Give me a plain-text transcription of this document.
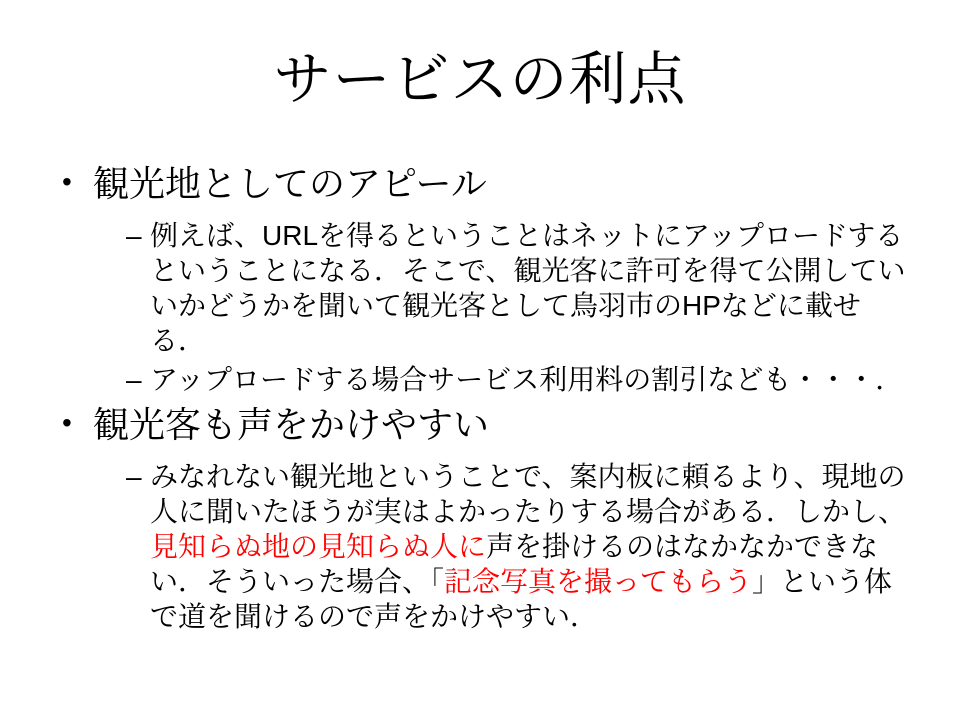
サービスの利点
• 観光地としてのアピール
– 例えば、URLを得るということはネットにアップロードするということになる．そこで、観光客に許可を得て公開していいかどうかを聞いて観光客として鳥羽市のHPなどに載せる．
– アップロードする場合サービス利用料の割引なども・・・．
• 観光客も声をかけやすい
– みなれない観光地ということで、案内板に頼るより、現地の人に聞いたほうが実はよかったりする場合がある．しかし、見知らぬ地の見知らぬ人に声を掛けるのはなかなかできない．そういった場合、「記念写真を撮ってもらう」という体で道を聞けるので声をかけやすい．
